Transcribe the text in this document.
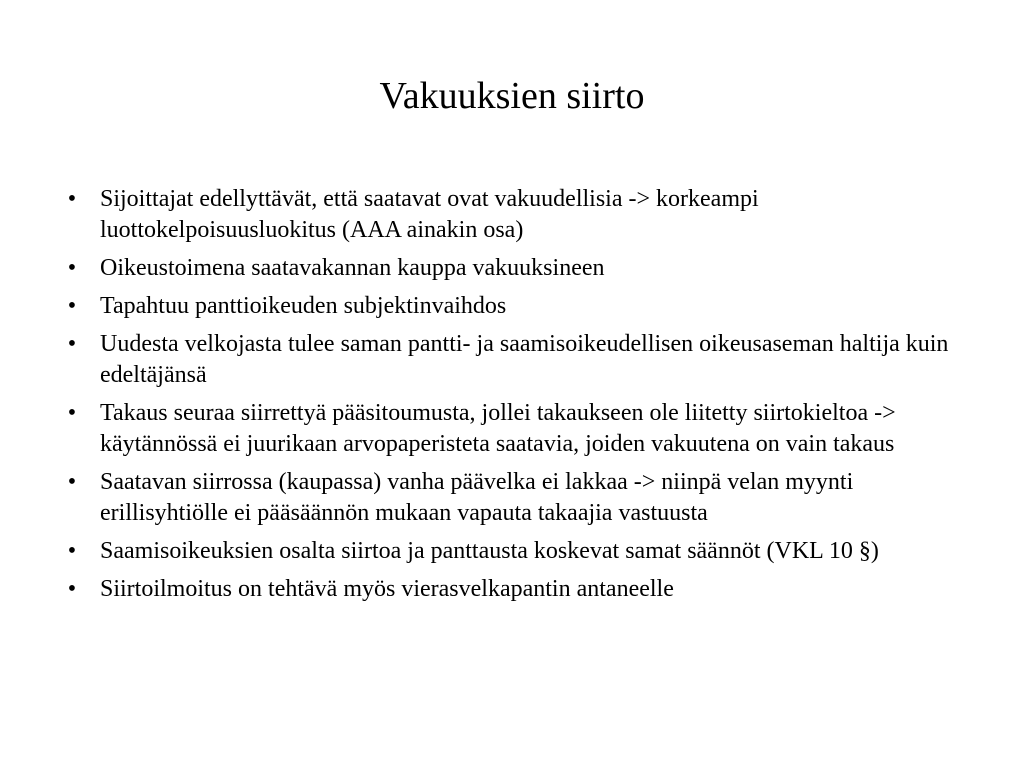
Vakuuksien siirto
• Sijoittajat edellyttävät, että saatavat ovat vakuudellisia -> korkeampi luottokelpoisuusluokitus (AAA ainakin osa)
• Oikeustoimena saatavakannan kauppa vakuuksineen
• Tapahtuu panttioikeuden subjektinvaihdos
• Uudesta velkojasta tulee saman pantti- ja saamisoikeudellisen oikeusaseman haltija kuin edeltäjänsä
• Takaus seuraa siirrettyä pääsitoumusta, jollei takaukseen ole liitetty siirtokieltoa -> käytännössä ei juurikaan arvopaperisteta saatavia, joiden vakuutena on vain takaus
• Saatavan siirrossa (kaupassa) vanha päävelka ei lakkaa -> niinpä velan myynti erillisyhtiölle ei pääsäännön mukaan vapauta takaajia vastuusta
• Saamisoikeuksien osalta siirtoa ja panttausta koskevat samat säännöt (VKL 10 §)
• Siirtoilmoitus on tehtävä myös vierasvelkapantin antaneelle
